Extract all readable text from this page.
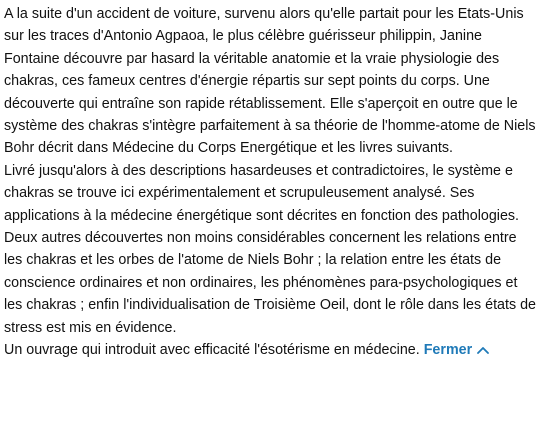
A la suite d'un accident de voiture, survenu alors qu'elle partait pour les Etats-Unis sur les traces d'Antonio Agpaoa, le plus célèbre guérisseur philippin, Janine Fontaine découvre par hasard la véritable anatomie et la vraie physiologie des chakras, ces fameux centres d'énergie répartis sur sept points du corps. Une découverte qui entraîne son rapide rétablissement. Elle s'aperçoit en outre que le système des chakras s'intègre parfaitement à sa théorie de l'homme-atome de Niels Bohr décrit dans Médecine du Corps Energétique et les livres suivants.

Livré jusqu'alors à des descriptions hasardeuses et contradictoires, le système e chakras se trouve ici expérimentalement et scrupuleusement analysé. Ses applications à la médecine énergétique sont décrites en fonction des pathologies.

Deux autres découvertes non moins considérables concernent les relations entre les chakras et les orbes de l'atome de Niels Bohr ; la relation entre les états de conscience ordinaires et non ordinaires, les phénomènes para-psychologiques et les chakras ; enfin l'individualisation de Troisième Oeil, dont le rôle dans les états de stress est mis en évidence.

Un ouvrage qui introduit avec efficacité l'ésotérisme en médecine. Fermer
